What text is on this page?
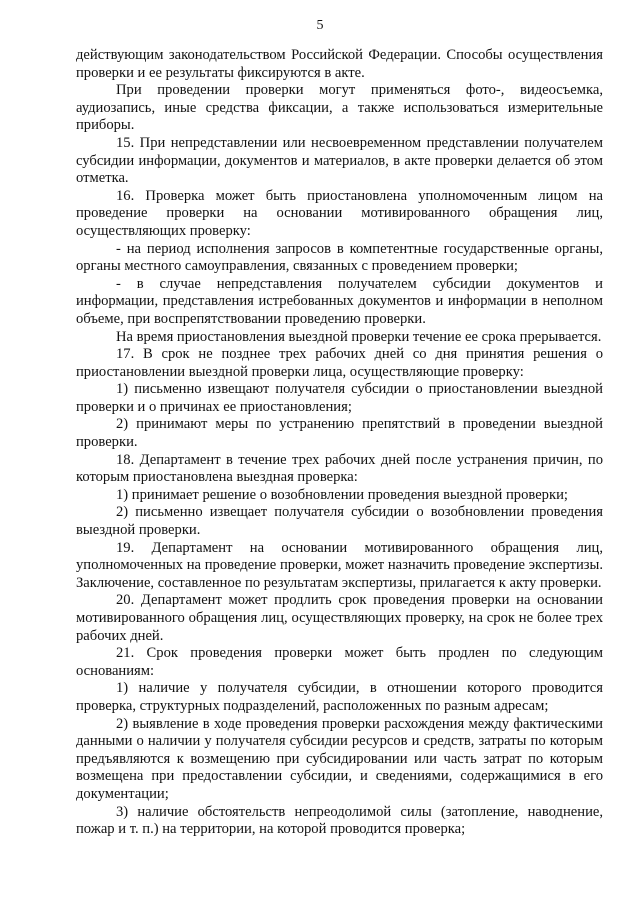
5

действующим законодательством Российской Федерации. Способы осуществления проверки и ее результаты фиксируются в акте.

При проведении проверки могут применяться фото-, видеосъемка, аудиозапись, иные средства фиксации, а также использоваться измерительные приборы.

15. При непредставлении или несвоевременном представлении получателем субсидии информации, документов и материалов, в акте проверки делается об этом отметка.

16. Проверка может быть приостановлена уполномоченным лицом на проведение проверки на основании мотивированного обращения лиц, осуществляющих проверку:

- на период исполнения запросов в компетентные государственные органы, органы местного самоуправления, связанных с проведением проверки;

- в случае непредставления получателем субсидии документов и информации, представления истребованных документов и информации в неполном объеме, при воспрепятствовании проведению проверки.

На время приостановления выездной проверки течение ее срока прерывается.

17. В срок не позднее трех рабочих дней со дня принятия решения о приостановлении выездной проверки лица, осуществляющие проверку:

1) письменно извещают получателя субсидии о приостановлении выездной проверки и о причинах ее приостановления;

2) принимают меры по устранению препятствий в проведении выездной проверки.

18. Департамент в течение трех рабочих дней после устранения причин, по которым приостановлена выездная проверка:

1) принимает решение о возобновлении проведения выездной проверки;

2) письменно извещает получателя субсидии о возобновлении проведения выездной проверки.

19. Департамент на основании мотивированного обращения лиц, уполномоченных на проведение проверки, может назначить проведение экспертизы. Заключение, составленное по результатам экспертизы, прилагается к акту проверки.

20. Департамент может продлить срок проведения проверки на основании мотивированного обращения лиц, осуществляющих проверку, на срок не более трех рабочих дней.

21. Срок проведения проверки может быть продлен по следующим основаниям:

1) наличие у получателя субсидии, в отношении которого проводится проверка, структурных подразделений, расположенных по разным адресам;

2) выявление в ходе проведения проверки расхождения между фактическими данными о наличии у получателя субсидии ресурсов и средств, затраты по которым предъявляются к возмещению при субсидировании или часть затрат по которым возмещена при предоставлении субсидии, и сведениями, содержащимися в его документации;

3) наличие обстоятельств непреодолимой силы (затопление, наводнение, пожар и т. п.) на территории, на которой проводится проверка;
